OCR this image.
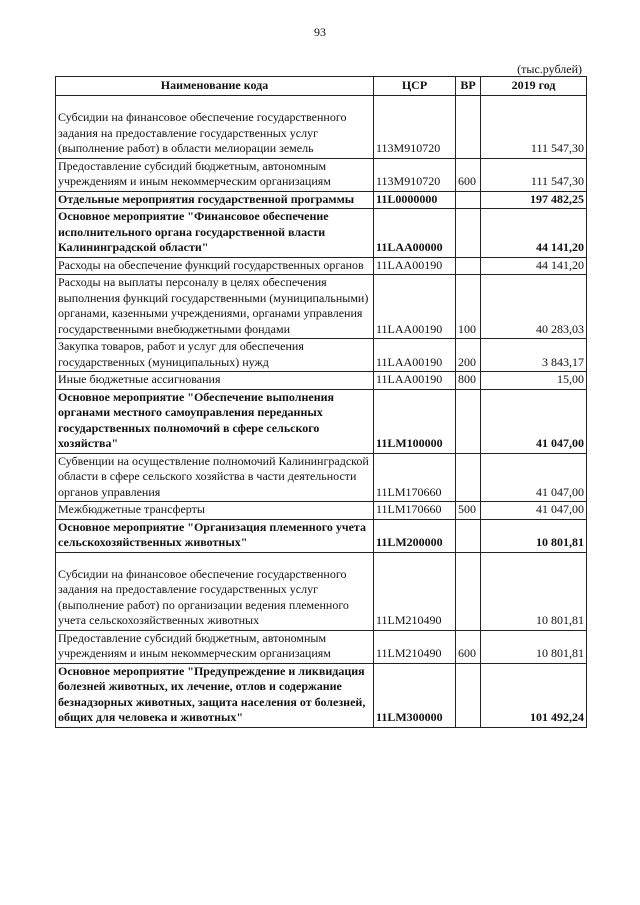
93
(тыс.рублей)
Наименование кода	ЦСР	ВР	2019 год
Субсидии на финансовое обеспечение государственного задания на предоставление государственных услуг (выполнение работ) в области мелиорации земель	113M910720		111 547,30
Предоставление субсидий бюджетным, автономным учреждениям и иным некоммерческим организациям	113M910720	600	111 547,30
Отдельные мероприятия государственной программы	11L0000000		197 482,25
Основное мероприятие "Финансовое обеспечение исполнительного органа государственной власти Калининградской области"	11LAA00000		44 141,20
Расходы на обеспечение функций государственных органов	11LAA00190		44 141,20
Расходы на выплаты персоналу в целях обеспечения выполнения функций государственными (муниципальными) органами, казенными учреждениями, органами управления государственными внебюджетными фондами	11LAA00190	100	40 283,03
Закупка товаров, работ и услуг для обеспечения государственных (муниципальных) нужд	11LAA00190	200	3 843,17
Иные бюджетные ассигнования	11LAA00190	800	15,00
Основное мероприятие "Обеспечение выполнения органами местного самоуправления переданных государственных полномочий в сфере сельского хозяйства"	11LM100000		41 047,00
Субвенции на осуществление полномочий Калининградской области в сфере сельского хозяйства в части деятельности органов управления	11LM170660		41 047,00
Межбюджетные трансферты	11LM170660	500	41 047,00
Основное мероприятие "Организация племенного учета сельскохозяйственных животных"	11LM200000		10 801,81
Субсидии на финансовое обеспечение государственного задания на предоставление государственных услуг (выполнение работ) по организации ведения племенного учета сельскохозяйственных животных	11LM210490		10 801,81
Предоставление субсидий бюджетным, автономным учреждениям и иным некоммерческим организациям	11LM210490	600	10 801,81
Основное мероприятие "Предупреждение и ликвидация болезней животных, их лечение, отлов и содержание безнадзорных животных, защита населения от болезней, общих для человека и животных"	11LM300000		101 492,24
